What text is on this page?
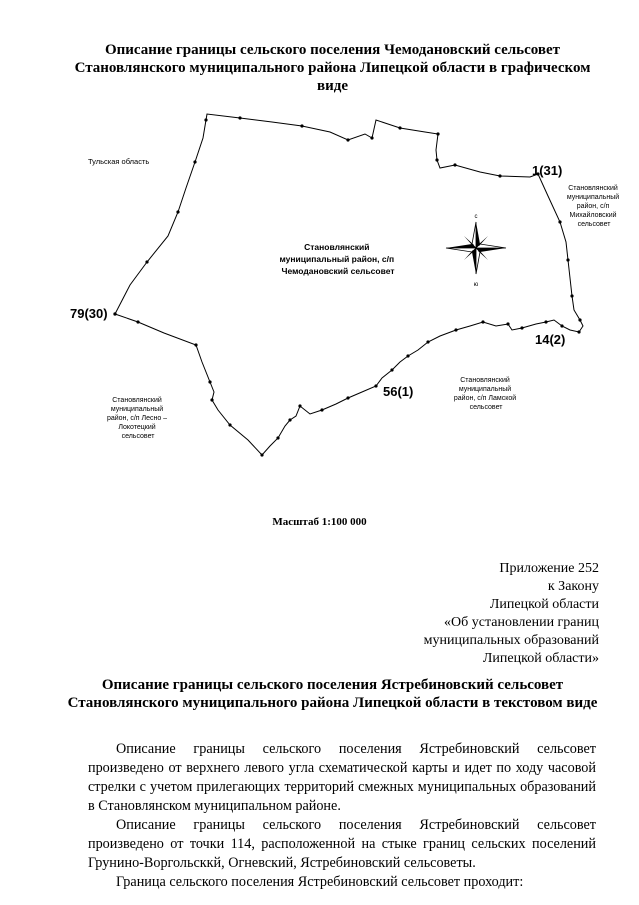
Описание границы сельского поселения Чемодановский сельсовет Становлянского муниципального района Липецкой области в графическом виде
Тульская область
Становлянский муниципальный район, с/п Чемодановский сельсовет
Становлянский муниципальный район, с/п Михайловский сельсовет
Становлянский муниципальный район, с/п Ламской сельсовет
Становлянский муниципальный район, с/п Лесно – Локотецкий сельсовет
1(31)
79(30)
14(2)
56(1)
с
ю
Масштаб 1:100 000
Приложение 252
к Закону
Липецкой области
«Об установлении границ
муниципальных образований
Липецкой области»
Описание границы сельского поселения Ястребиновский сельсовет Становлянского муниципального района Липецкой области в текстовом виде

Описание границы сельского поселения Ястребиновский сельсовет произведено от верхнего левого угла схематической карты и идет по ходу часовой стрелки с учетом прилегающих территорий смежных муниципальных образований в Становлянском муниципальном районе.

Описание границы сельского поселения Ястребиновский сельсовет произведено от точки 114, расположенной на стыке границ сельских поселений Грунино-Воргольсккй, Огневский, Ястребиновский сельсоветы.

Граница сельского поселения Ястребиновский сельсовет проходит:
